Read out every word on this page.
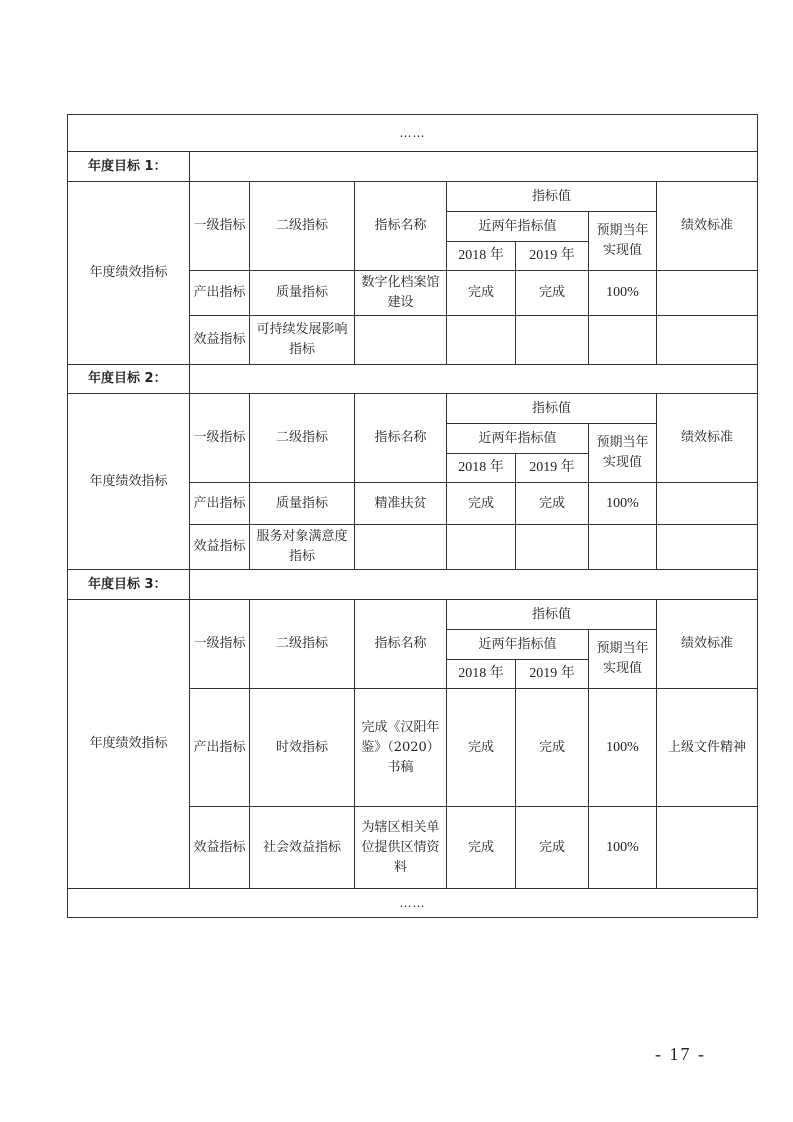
……							
年度目标 1：							
年度绩效指标	一级指标	二级指标	指标名称	指标值			绩效标准
				近两年指标值		预期当年实现值	
				2018 年	2019 年		
	产出指标	质量指标	数字化档案馆建设	完成	完成	100%	
	效益指标	可持续发展影响指标					
年度目标 2：							
年度绩效指标	一级指标	二级指标	指标名称	指标值			绩效标准
				近两年指标值		预期当年实现值	
				2018 年	2019 年		
	产出指标	质量指标	精准扶贫	完成	完成	100%	
	效益指标	服务对象满意度指标					
年度目标 3：							
年度绩效指标	一级指标	二级指标	指标名称	指标值			绩效标准
				近两年指标值		预期当年实现值	
				2018 年	2019 年		
	产出指标	时效指标	完成《汉阳年鉴》（2020）书稿	完成	完成	100%	上级文件精神
	效益指标	社会效益指标	为辖区相关单位提供区情资料	完成	完成	100%	
……							
- 17 -
